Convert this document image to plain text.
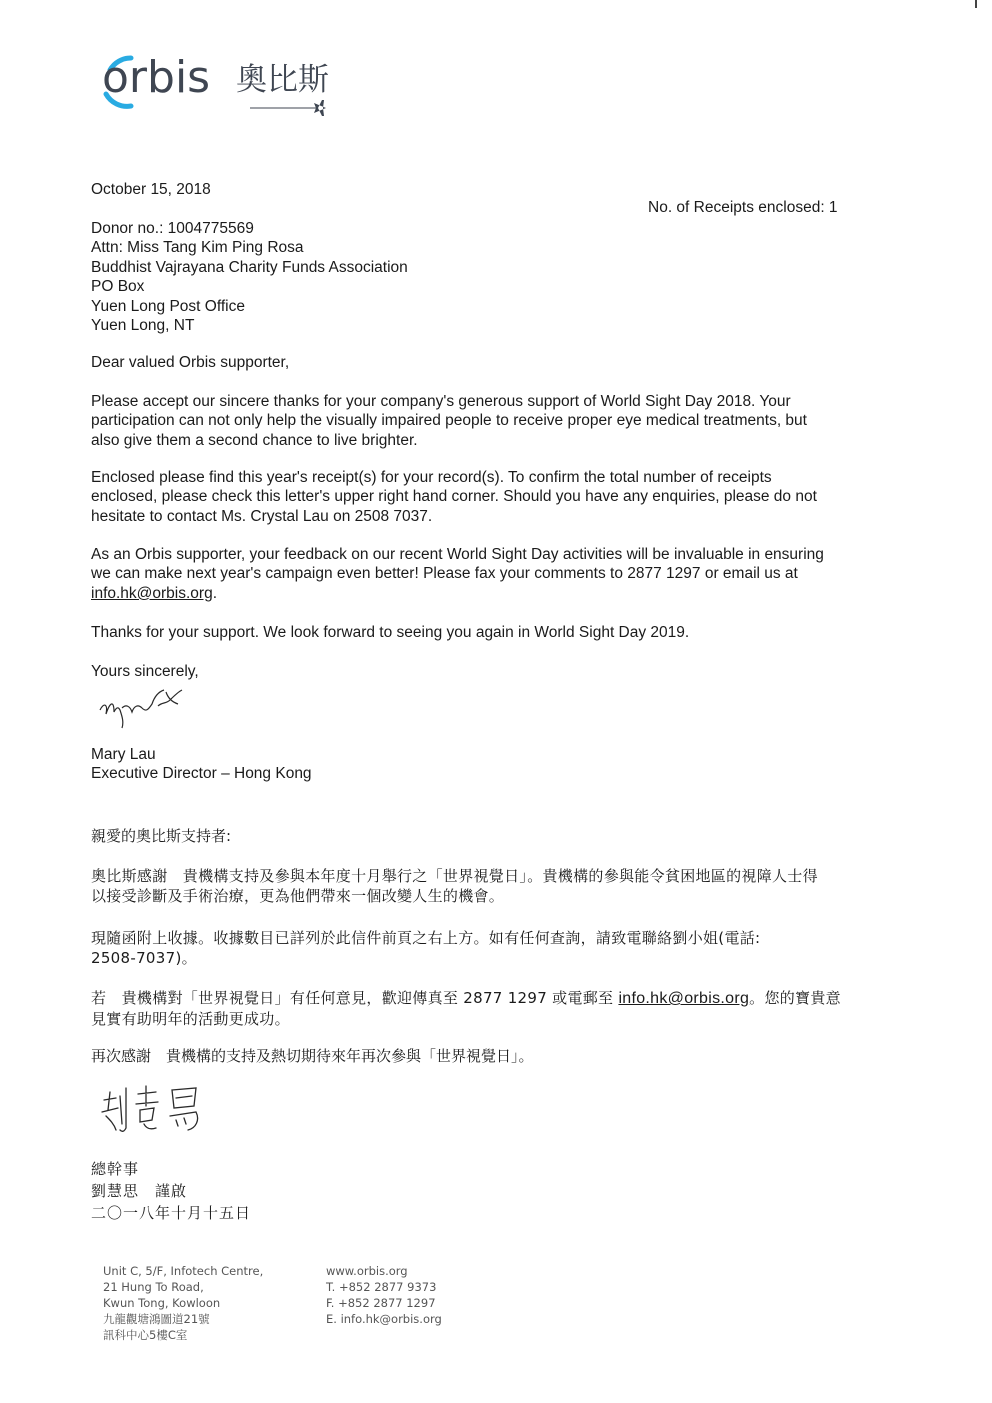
orbis 奧比斯
October 15, 2018
No. of Receipts enclosed: 1
Donor no.: 1004775569
Attn: Miss Tang Kim Ping Rosa
Buddhist Vajrayana Charity Funds Association
PO Box
Yuen Long Post Office
Yuen Long, NT
Dear valued Orbis supporter,
Please accept our sincere thanks for your company's generous support of World Sight Day 2018. Your
participation can not only help the visually impaired people to receive proper eye medical treatments, but
also give them a second chance to live brighter.
Enclosed please find this year's receipt(s) for your record(s). To confirm the total number of receipts
enclosed, please check this letter's upper right hand corner. Should you have any enquiries, please do not
hesitate to contact Ms. Crystal Lau on 2508 7037.
As an Orbis supporter, your feedback on our recent World Sight Day activities will be invaluable in ensuring
we can make next year's campaign even better! Please fax your comments to 2877 1297 or email us at
info.hk@orbis.org.
Thanks for your support. We look forward to seeing you again in World Sight Day 2019.
Yours sincerely,
Mary Lau
Executive Director – Hong Kong
親愛的奧比斯支持者:
奧比斯感謝　貴機構支持及參與本年度十月舉行之「世界視覺日」。貴機構的參與能令貧困地區的視障人士得
以接受診斷及手術治療，更為他們帶來一個改變人生的機會。
現隨函附上收據。收據數目已詳列於此信件前頁之右上方。如有任何查詢，請致電聯絡劉小姐(電話:
2508-7037)。
若　貴機構對「世界視覺日」有任何意見，歡迎傳真至 2877 1297 或電郵至 info.hk@orbis.org。您的寶貴意
見實有助明年的活動更成功。
再次感謝　貴機構的支持及熱切期待來年再次參與「世界視覺日」。
總幹事
劉慧思　謹啟
二〇一八年十月十五日
Unit C, 5/F, Infotech Centre,
21 Hung To Road,
Kwun Tong, Kowloon
九龍觀塘鴻圖道21號
訊科中心5樓C室
www.orbis.org
T. +852 2877 9373
F. +852 2877 1297
E. info.hk@orbis.org
